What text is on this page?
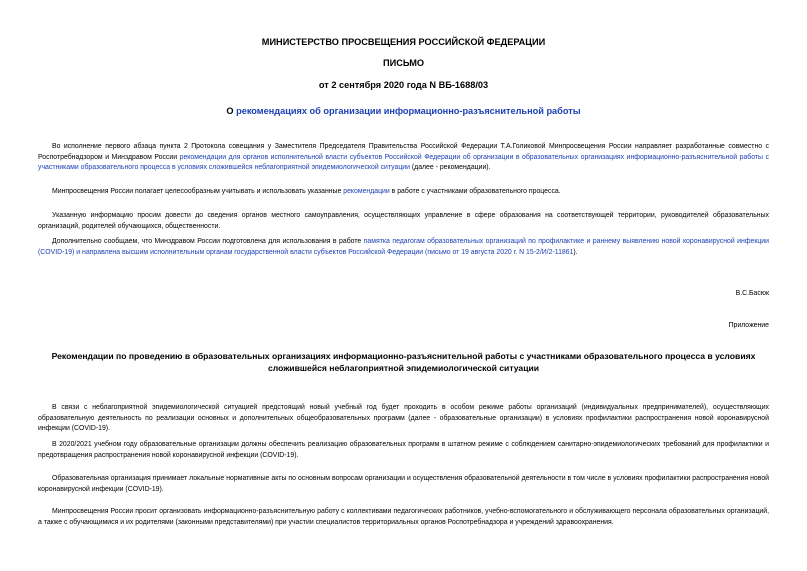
МИНИСТЕРСТВО ПРОСВЕЩЕНИЯ РОССИЙСКОЙ ФЕДЕРАЦИИ
ПИСЬМО
от 2 сентября 2020 года N ВБ-1688/03
О рекомендациях об организации информационно-разъяснительной работы

Во исполнение первого абзаца пункта 2 Протокола совещания у Заместителя Председателя Правительства Российской Федерации Т.А.Голиковой Минпросвещения России направляет разработанные совместно с Роспотребнадзором и Минздравом России рекомендации для органов исполнительной власти субъектов Российской Федерации об организации в образовательных организациях информационно-разъяснительной работы с участниками образовательного процесса в условиях сложившейся неблагоприятной эпидемиологической ситуации (далее - рекомендации).

Минпросвещения России полагает целесообразным учитывать и использовать указанные рекомендации в работе с участниками образовательного процесса.

Указанную информацию просим довести до сведения органов местного самоуправления, осуществляющих управление в сфере образования на соответствующей территории, руководителей образовательных организаций, родителей обучающихся, общественности.

Дополнительно сообщаем, что Минздравом России подготовлена для использования в работе памятка педагогам образовательных организаций по профилактике и раннему выявлению новой коронавирусной инфекции (COVID-19) и направлена высшим исполнительным органам государственной власти субъектов Российской Федерации (письмо от 19 августа 2020 г. N 15-2/И/2-11861).

В.С.Басюк
Приложение
Рекомендации по проведению в образовательных организациях информационно-разъяснительной работы с участниками образовательного процесса в условиях сложившейся неблагоприятной эпидемиологической ситуации

В связи с неблагоприятной эпидемиологической ситуацией предстоящий новый учебный год будет проходить в особом режиме работы организаций (индивидуальных предпринимателей), осуществляющих образовательную деятельность по реализации основных и дополнительных общеобразовательных программ (далее - образовательные организации) в условиях профилактики распространения новой коронавирусной инфекции (COVID-19).

В 2020/2021 учебном году образовательные организации должны обеспечить реализацию образовательных программ в штатном режиме с соблюдением санитарно-эпидемиологических требований для профилактики и предотвращения распространения новой коронавирусной инфекции (COVID-19).

Образовательная организация принимает локальные нормативные акты по основным вопросам организации и осуществления образовательной деятельности в том числе в условиях профилактики распространения новой коронавирусной инфекции (COVID-19).

Минпросвещения России просит организовать информационно-разъяснительную работу с коллективами педагогических работников, учебно-вспомогательного и обслуживающего персонала образовательных организаций, а также с обучающимися и их родителями (законными представителями) при участии специалистов территориальных органов Роспотребнадзора и учреждений здравоохранения.
